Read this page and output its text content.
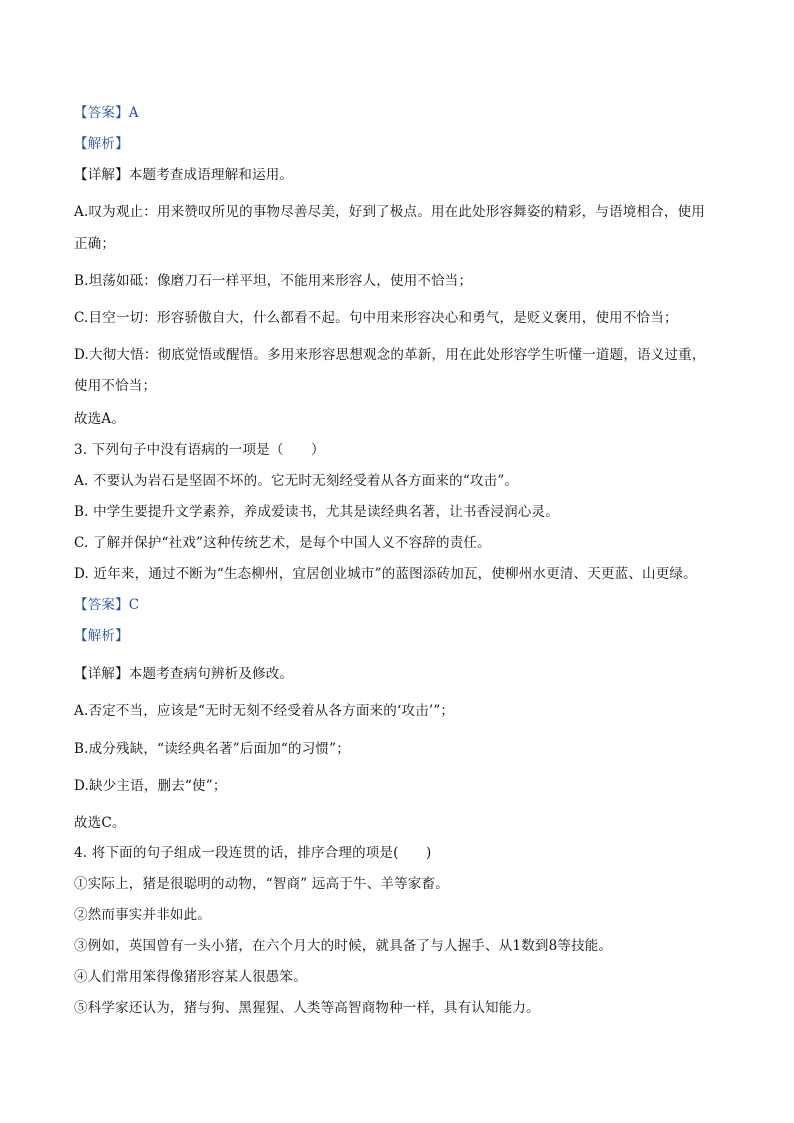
【答案】A
【解析】
【详解】本题考查成语理解和运用。
A.叹为观止：用来赞叹所见的事物尽善尽美，好到了极点。用在此处形容舞姿的精彩，与语境相合，使用
正确；
B.坦荡如砥：像磨刀石一样平坦，不能用来形容人，使用不恰当；
C.目空一切：形容骄傲自大，什么都看不起。句中用来形容决心和勇气，是贬义褒用，使用不恰当；
D.大彻大悟：彻底觉悟或醒悟。多用来形容思想观念的革新，用在此处形容学生听懂一道题，语义过重，
使用不恰当；
故选A。
3. 下列句子中没有语病的一项是（　　）
A. 不要认为岩石是坚固不坏的。它无时无刻经受着从各方面来的“攻击”。
B. 中学生要提升文学素养，养成爱读书，尤其是读经典名著，让书香浸润心灵。
C. 了解并保护“社戏”这种传统艺术，是每个中国人义不容辞的责任。
D. 近年来，通过不断为“生态柳州，宜居创业城市”的蓝图添砖加瓦，使柳州水更清、天更蓝、山更绿。
【答案】C
【解析】
【详解】本题考查病句辨析及修改。
A.否定不当，应该是“无时无刻不经受着从各方面来的‘攻击’”；
B.成分残缺，“读经典名著”后面加“的习惯”；
D.缺少主语，删去“使”；
故选C。
4. 将下面的句子组成一段连贯的话，排序合理的项是(　　)
①实际上，猪是很聪明的动物，“智商” 远高于牛、羊等家畜。
②然而事实并非如此。
③例如，英国曾有一头小猪，在六个月大的时候，就具备了与人握手、从1数到8等技能。
④人们常用笨得像猪形容某人很愚笨。
⑤科学家还认为，猪与狗、黑猩猩、人类等高智商物种一样，具有认知能力。
